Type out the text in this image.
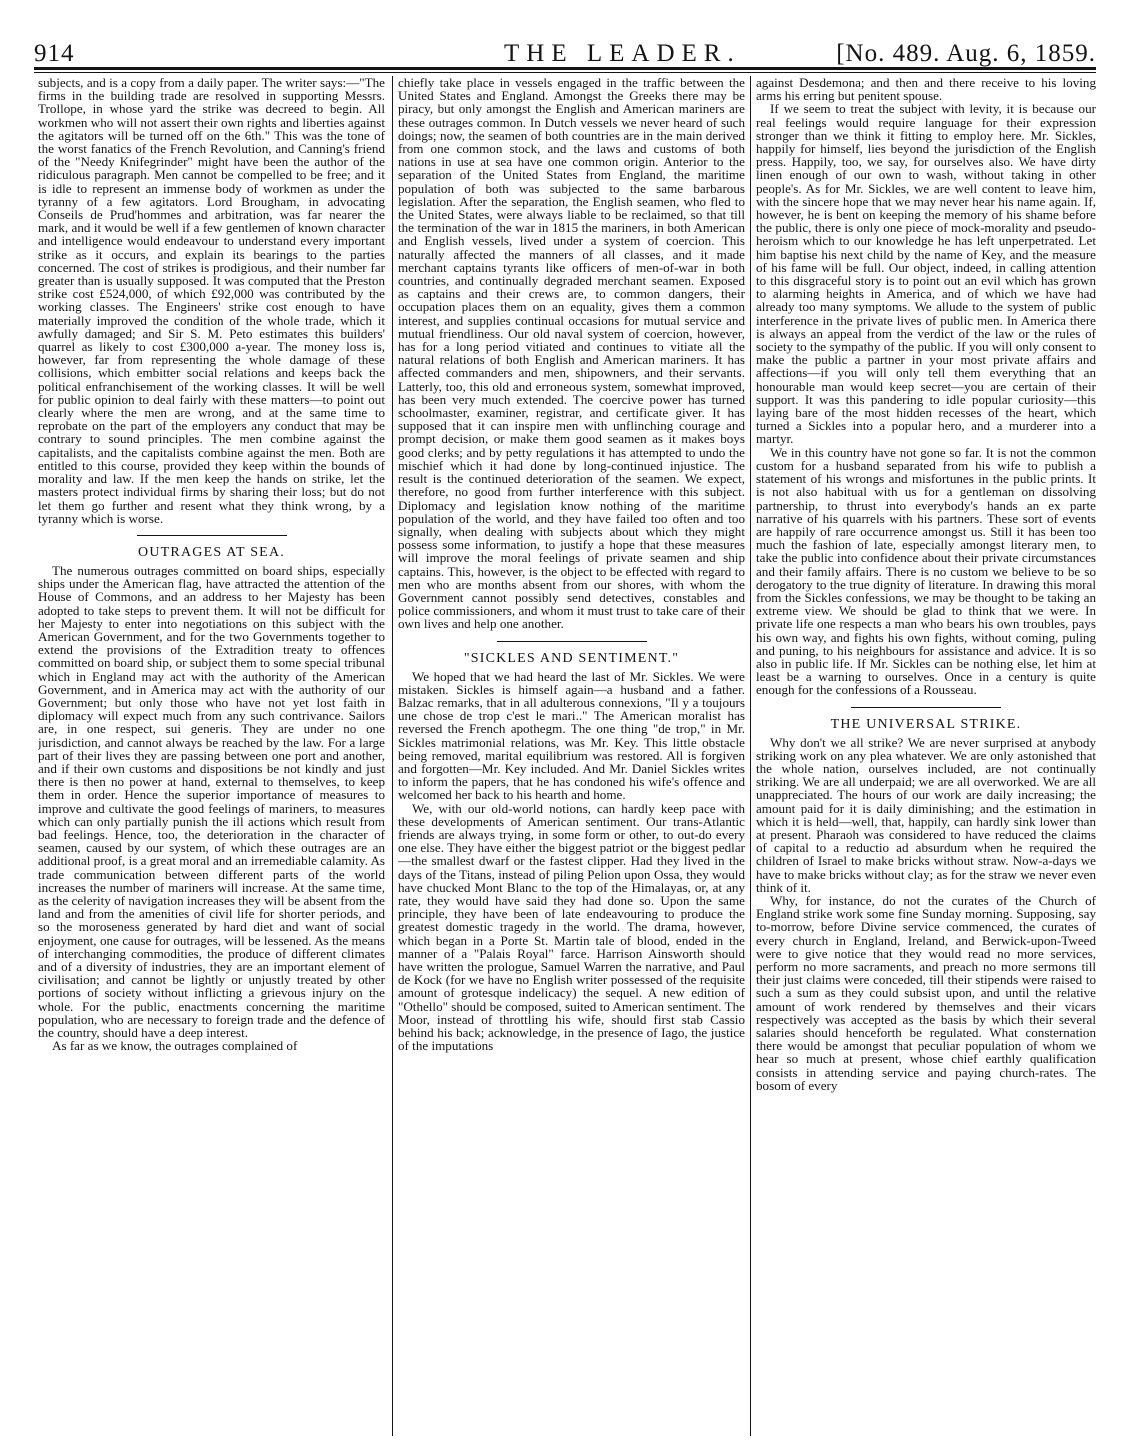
914	THE LEADER.	[No. 489. Aug. 6, 1859.

subjects, and is a copy from a daily paper. The writer says:—"The firms in the building trade are resolved in supporting Messrs. Trollope, in whose yard the strike was decreed to begin. All workmen who will not assert their own rights and liberties against the agitators will be turned off on the 6th." This was the tone of the worst fanatics of the French Revolution, and Canning's friend of the "Needy Knifegrinder" might have been the author of the ridiculous paragraph. Men cannot be compelled to be free; and it is idle to represent an immense body of workmen as under the tyranny of a few agitators. Lord Brougham, in advocating Conseils de Prud'hommes and arbitration, was far nearer the mark, and it would be well if a few gentlemen of known character and intelligence would endeavour to understand every important strike as it occurs, and explain its bearings to the parties concerned. The cost of strikes is prodigious, and their number far greater than is usually supposed. It was computed that the Preston strike cost £524,000, of which £92,000 was contributed by the working classes. The Engineers' strike cost enough to have materially improved the condition of the whole trade, which it awfully damaged; and Sir S. M. Peto estimates this builders' quarrel as likely to cost £300,000 a-year. The money loss is, however, far from representing the whole damage of these collisions, which embitter social relations and keeps back the political enfranchisement of the working classes. It will be well for public opinion to deal fairly with these matters—to point out clearly where the men are wrong, and at the same time to reprobate on the part of the employers any conduct that may be contrary to sound principles. The men combine against the capitalists, and the capitalists combine against the men. Both are entitled to this course, provided they keep within the bounds of morality and law. If the men keep the hands on strike, let the masters protect individual firms by sharing their loss; but do not let them go further and resent what they think wrong, by a tyranny which is worse.

OUTRAGES AT SEA.

The numerous outrages committed on board ships, especially ships under the American flag, have attracted the attention of the House of Commons, and an address to her Majesty has been adopted to take steps to prevent them. It will not be difficult for her Majesty to enter into negotiations on this subject with the American Government, and for the two Governments together to extend the provisions of the Extradition treaty to offences committed on board ship, or subject them to some special tribunal which in England may act with the authority of the American Government, and in America may act with the authority of our Government; but only those who have not yet lost faith in diplomacy will expect much from any such contrivance. Sailors are, in one respect, sui generis. They are under no one jurisdiction, and cannot always be reached by the law. For a large part of their lives they are passing between one port and another, and if their own customs and dispositions be not kindly and just there is then no power at hand, external to themselves, to keep them in order. Hence the superior importance of measures to improve and cultivate the good feelings of mariners, to measures which can only partially punish the ill actions which result from bad feelings. Hence, too, the deterioration in the character of seamen, caused by our system, of which these outrages are an additional proof, is a great moral and an irremediable calamity. As trade communication between different parts of the world increases the number of mariners will increase. At the same time, as the celerity of navigation increases they will be absent from the land and from the amenities of civil life for shorter periods, and so the moroseness generated by hard diet and want of social enjoyment, one cause for outrages, will be lessened. As the means of interchanging commodities, the produce of different climates and of a diversity of industries, they are an important element of civilisation; and cannot be lightly or unjustly treated by other portions of society without inflicting a grievous injury on the whole. For the public, enactments concerning the maritime population, who are necessary to foreign trade and the defence of the country, should have a deep interest.

As far as we know, the outrages complained of

chiefly take place in vessels engaged in the traffic between the United States and England. Amongst the Greeks there may be piracy, but only amongst the English and American mariners are these outrages common. In Dutch vessels we never heard of such doings; now, the seamen of both countries are in the main derived from one common stock, and the laws and customs of both nations in use at sea have one common origin. Anterior to the separation of the United States from England, the maritime population of both was subjected to the same barbarous legislation. After the separation, the English seamen, who fled to the United States, were always liable to be reclaimed, so that till the termination of the war in 1815 the mariners, in both American and English vessels, lived under a system of coercion. This naturally affected the manners of all classes, and it made merchant captains tyrants like officers of men-of-war in both countries, and continually degraded merchant seamen. Exposed as captains and their crews are, to common dangers, their occupation places them on an equality, gives them a common interest, and supplies continual occasions for mutual service and mutual friendliness. Our old naval system of coercion, however, has for a long period vitiated and continues to vitiate all the natural relations of both English and American mariners. It has affected commanders and men, shipowners, and their servants. Latterly, too, this old and erroneous system, somewhat improved, has been very much extended. The coercive power has turned schoolmaster, examiner, registrar, and certificate giver. It has supposed that it can inspire men with unflinching courage and prompt decision, or make them good seamen as it makes boys good clerks; and by petty regulations it has attempted to undo the mischief which it had done by long-continued injustice. The result is the continued deterioration of the seamen. We expect, therefore, no good from further interference with this subject. Diplomacy and legislation know nothing of the maritime population of the world, and they have failed too often and too signally, when dealing with subjects about which they might possess some information, to justify a hope that these measures will improve the moral feelings of private seamen and ship captains. This, however, is the object to be effected with regard to men who are months absent from our shores, with whom the Government cannot possibly send detectives, constables and police commissioners, and whom it must trust to take care of their own lives and help one another.

"SICKLES AND SENTIMENT."

We hoped that we had heard the last of Mr. Sickles. We were mistaken. Sickles is himself again—a husband and a father. Balzac remarks, that in all adulterous connexions, "Il y a toujours une chose de trop c'est le mari.." The American moralist has reversed the French apothegm. The one thing "de trop," in Mr. Sickles matrimonial relations, was Mr. Key. This little obstacle being removed, marital equilibrium was restored. All is forgiven and forgotten—Mr. Key included. And Mr. Daniel Sickles writes to inform the papers, that he has condoned his wife's offence and welcomed her back to his hearth and home.

We, with our old-world notions, can hardly keep pace with these developments of American sentiment. Our trans-Atlantic friends are always trying, in some form or other, to out-do every one else. They have either the biggest patriot or the biggest pedlar—the smallest dwarf or the fastest clipper. Had they lived in the days of the Titans, instead of piling Pelion upon Ossa, they would have chucked Mont Blanc to the top of the Himalayas, or, at any rate, they would have said they had done so. Upon the same principle, they have been of late endeavouring to produce the greatest domestic tragedy in the world. The drama, however, which began in a Porte St. Martin tale of blood, ended in the manner of a "Palais Royal" farce. Harrison Ainsworth should have written the prologue, Samuel Warren the narrative, and Paul de Kock (for we have no English writer possessed of the requisite amount of grotesque indelicacy) the sequel. A new edition of "Othello" should be composed, suited to American sentiment. The Moor, instead of throttling his wife, should first stab Cassio behind his back; acknowledge, in the presence of Iago, the justice of the imputations

against Desdemona; and then and there receive to his loving arms his erring but penitent spouse.

If we seem to treat the subject with levity, it is because our real feelings would require language for their expression stronger than we think it fitting to employ here. Mr. Sickles, happily for himself, lies beyond the jurisdiction of the English press. Happily, too, we say, for ourselves also. We have dirty linen enough of our own to wash, without taking in other people's. As for Mr. Sickles, we are well content to leave him, with the sincere hope that we may never hear his name again. If, however, he is bent on keeping the memory of his shame before the public, there is only one piece of mock-morality and pseudo-heroism which to our knowledge he has left unperpetrated. Let him baptise his next child by the name of Key, and the measure of his fame will be full. Our object, indeed, in calling attention to this disgraceful story is to point out an evil which has grown to alarming heights in America, and of which we have had already too many symptoms. We allude to the system of public interference in the private lives of public men. In America there is always an appeal from the verdict of the law or the rules of society to the sympathy of the public. If you will only consent to make the public a partner in your most private affairs and affections—if you will only tell them everything that an honourable man would keep secret—you are certain of their support. It was this pandering to idle popular curiosity—this laying bare of the most hidden recesses of the heart, which turned a Sickles into a popular hero, and a murderer into a martyr.

We in this country have not gone so far. It is not the common custom for a husband separated from his wife to publish a statement of his wrongs and misfortunes in the public prints. It is not also habitual with us for a gentleman on dissolving partnership, to thrust into everybody's hands an ex parte narrative of his quarrels with his partners. These sort of events are happily of rare occurrence amongst us. Still it has been too much the fashion of late, especially amongst literary men, to take the public into confidence about their private circumstances and their family affairs. There is no custom we believe to be so derogatory to the true dignity of literature. In drawing this moral from the Sickles confessions, we may be thought to be taking an extreme view. We should be glad to think that we were. In private life one respects a man who bears his own troubles, pays his own way, and fights his own fights, without coming, puling and puning, to his neighbours for assistance and advice. It is so also in public life. If Mr. Sickles can be nothing else, let him at least be a warning to ourselves. Once in a century is quite enough for the confessions of a Rousseau.

THE UNIVERSAL STRIKE.

Why don't we all strike? We are never surprised at anybody striking work on any plea whatever. We are only astonished that the whole nation, ourselves included, are not continually striking. We are all underpaid; we are all overworked. We are all unappreciated. The hours of our work are daily increasing; the amount paid for it is daily diminishing; and the estimation in which it is held—well, that, happily, can hardly sink lower than at present. Pharaoh was considered to have reduced the claims of capital to a reductio ad absurdum when he required the children of Israel to make bricks without straw. Now-a-days we have to make bricks without clay; as for the straw we never even think of it.

Why, for instance, do not the curates of the Church of England strike work some fine Sunday morning. Supposing, say to-morrow, before Divine service commenced, the curates of every church in England, Ireland, and Berwick-upon-Tweed were to give notice that they would read no more services, perform no more sacraments, and preach no more sermons till their just claims were conceded, till their stipends were raised to such a sum as they could subsist upon, and until the relative amount of work rendered by themselves and their vicars respectively was accepted as the basis by which their several salaries should henceforth be regulated. What consternation there would be amongst that peculiar population of whom we hear so much at present, whose chief earthly qualification consists in attending service and paying church-rates. The bosom of every
